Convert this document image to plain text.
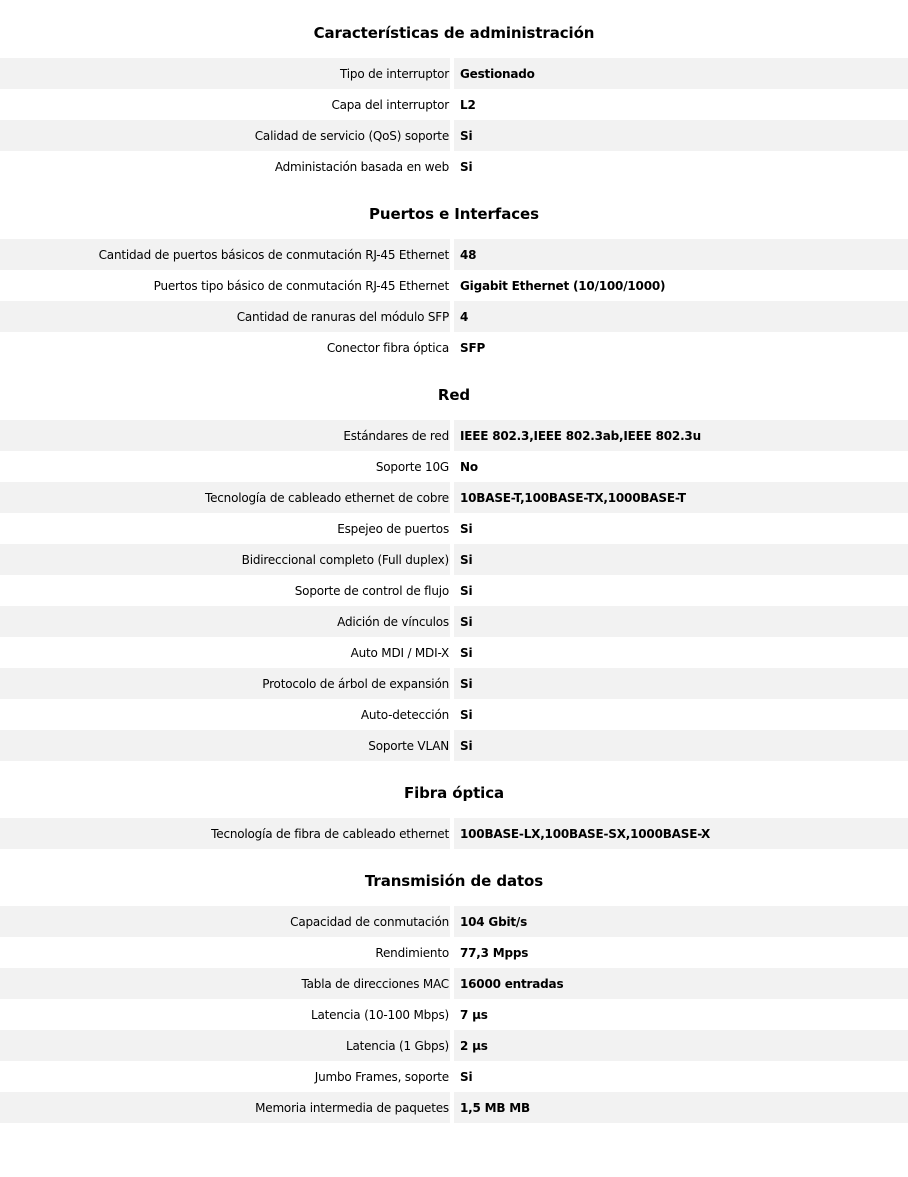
Características de administración
Tipo de interruptor Gestionado
Capa del interruptor L2
Calidad de servicio (QoS) soporte Si
Administación basada en web Si
Puertos e Interfaces
Cantidad de puertos básicos de conmutación RJ-45 Ethernet 48
Puertos tipo básico de conmutación RJ-45 Ethernet Gigabit Ethernet (10/100/1000)
Cantidad de ranuras del módulo SFP 4
Conector fibra óptica SFP
Red
Estándares de red IEEE 802.3,IEEE 802.3ab,IEEE 802.3u
Soporte 10G No
Tecnología de cableado ethernet de cobre 10BASE-T,100BASE-TX,1000BASE-T
Espejeo de puertos Si
Bidireccional completo (Full duplex) Si
Soporte de control de flujo Si
Adición de vínculos Si
Auto MDI / MDI-X Si
Protocolo de árbol de expansión Si
Auto-detección Si
Soporte VLAN Si
Fibra óptica
Tecnología de fibra de cableado ethernet 100BASE-LX,100BASE-SX,1000BASE-X
Transmisión de datos
Capacidad de conmutación 104 Gbit/s
Rendimiento 77,3 Mpps
Tabla de direcciones MAC 16000 entradas
Latencia (10-100 Mbps) 7 µs
Latencia (1 Gbps) 2 µs
Jumbo Frames, soporte Si
Memoria intermedia de paquetes 1,5 MB MB
